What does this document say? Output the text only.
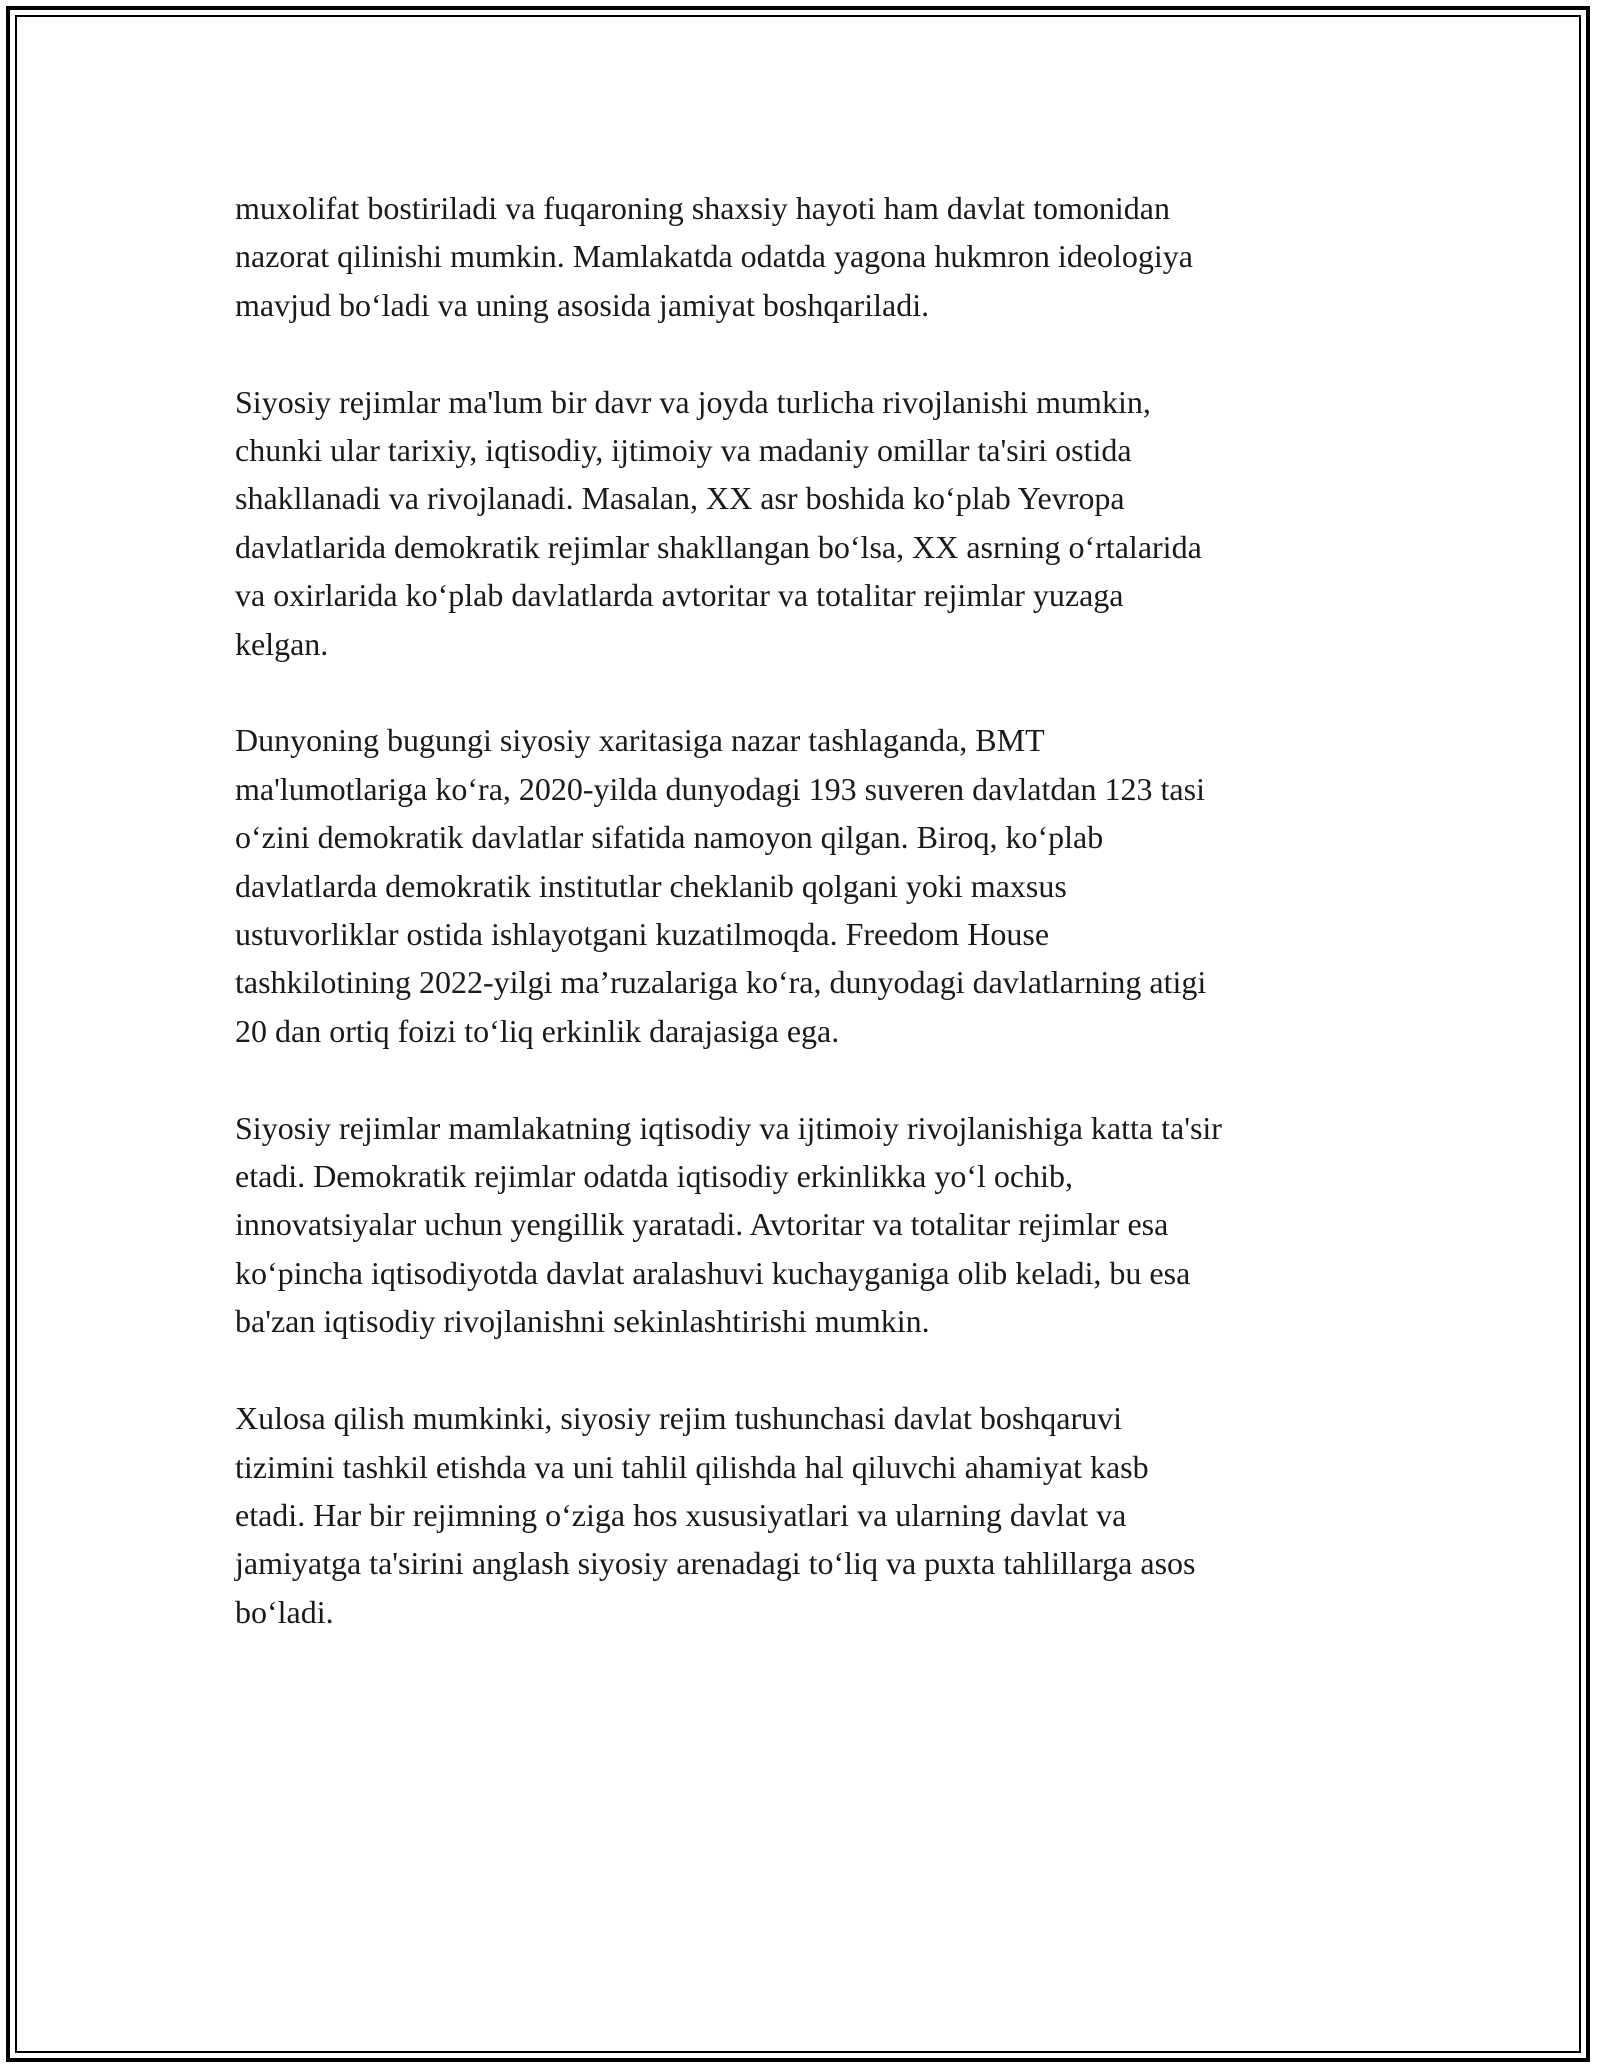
muxolifat bostiriladi va fuqaroning shaxsiy hayoti ham davlat tomonidan
nazorat qilinishi mumkin. Mamlakatda odatda yagona hukmron ideologiya
mavjud bo‘ladi va uning asosida jamiyat boshqariladi.

Siyosiy rejimlar ma'lum bir davr va joyda turlicha rivojlanishi mumkin,
chunki ular tarixiy, iqtisodiy, ijtimoiy va madaniy omillar ta'siri ostida
shakllanadi va rivojlanadi. Masalan, XX asr boshida ko‘plab Yevropa
davlatlarida demokratik rejimlar shakllangan bo‘lsa, XX asrning o‘rtalarida
va oxirlarida ko‘plab davlatlarda avtoritar va totalitar rejimlar yuzaga
kelgan.

Dunyoning bugungi siyosiy xaritasiga nazar tashlaganda, BMT
ma'lumotlariga ko‘ra, 2020-yilda dunyodagi 193 suveren davlatdan 123 tasi
o‘zini demokratik davlatlar sifatida namoyon qilgan. Biroq, ko‘plab
davlatlarda demokratik institutlar cheklanib qolgani yoki maxsus
ustuvorliklar ostida ishlayotgani kuzatilmoqda. Freedom House
tashkilotining 2022-yilgi ma’ruzalariga ko‘ra, dunyodagi davlatlarning atigi
20 dan ortiq foizi to‘liq erkinlik darajasiga ega.

Siyosiy rejimlar mamlakatning iqtisodiy va ijtimoiy rivojlanishiga katta ta'sir
etadi. Demokratik rejimlar odatda iqtisodiy erkinlikka yo‘l ochib,
innovatsiyalar uchun yengillik yaratadi. Avtoritar va totalitar rejimlar esa
ko‘pincha iqtisodiyotda davlat aralashuvi kuchayganiga olib keladi, bu esa
ba'zan iqtisodiy rivojlanishni sekinlashtirishi mumkin.

Xulosa qilish mumkinki, siyosiy rejim tushunchasi davlat boshqaruvi
tizimini tashkil etishda va uni tahlil qilishda hal qiluvchi ahamiyat kasb
etadi. Har bir rejimning o‘ziga hos xususiyatlari va ularning davlat va
jamiyatga ta'sirini anglash siyosiy arenadagi to‘liq va puxta tahlillarga asos
bo‘ladi.
